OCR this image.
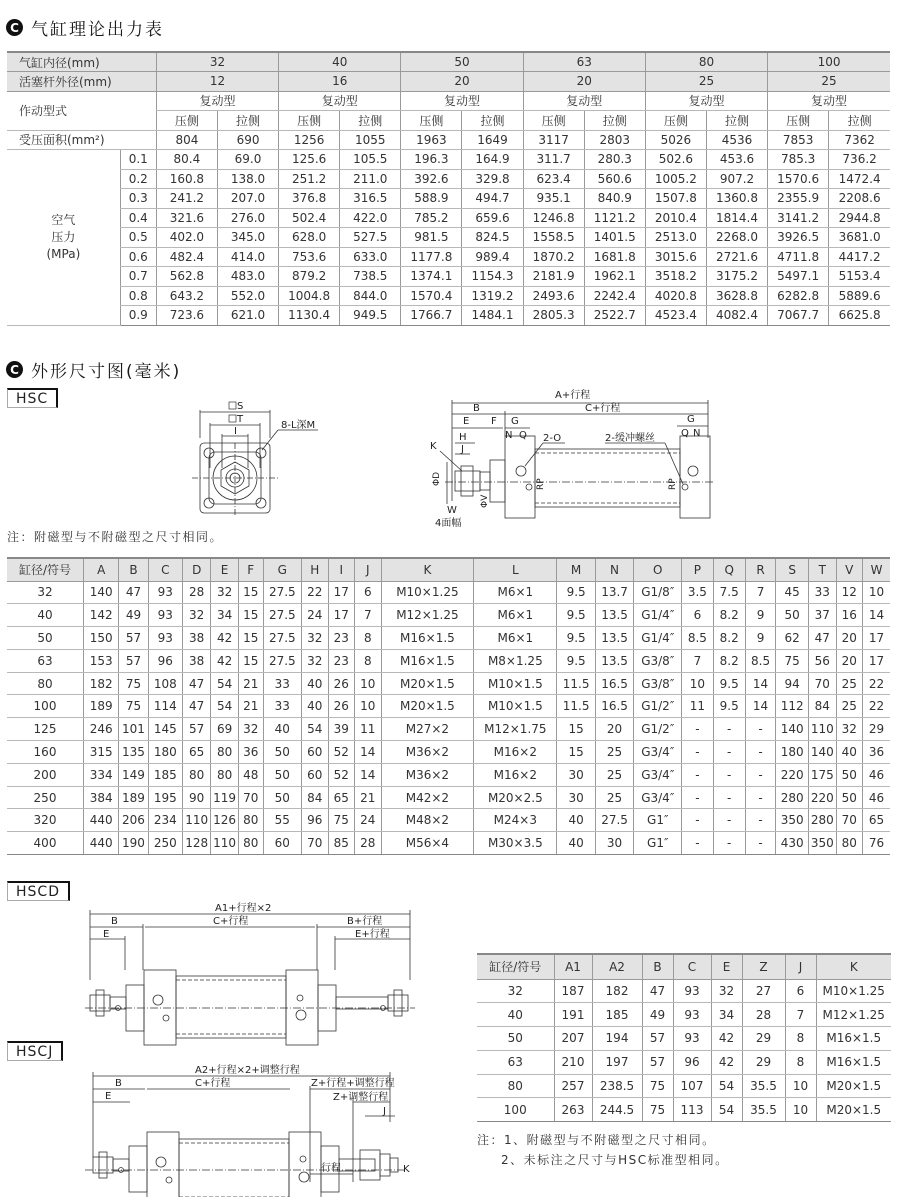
C 气缸理论出力表
气缸内径(mm)		32		40		50		63		80		100	
活塞杆外径(mm)		12		16		20		20		25		25	
作动型式		复动型		复动型		复动型		复动型		复动型		复动型	
		压侧	拉侧	压侧	拉侧	压侧	拉侧	压侧	拉侧	压侧	拉侧	压侧	拉侧
受压面积(mm²)		804	690	1256	1055	1963	1649	3117	2803	5026	4536	7853	7362

空气
压力
(MPa)	0.1	80.4	69.0	125.6	105.5	196.3	164.9	311.7	280.3	502.6	453.6	785.3	736.2
	0.2	160.8	138.0	251.2	211.0	392.6	329.8	623.4	560.6	1005.2	907.2	1570.6	1472.4
	0.3	241.2	207.0	376.8	316.5	588.9	494.7	935.1	840.9	1507.8	1360.8	2355.9	2208.6
	0.4	321.6	276.0	502.4	422.0	785.2	659.6	1246.8	1121.2	2010.4	1814.4	3141.2	2944.8
	0.5	402.0	345.0	628.0	527.5	981.5	824.5	1558.5	1401.5	2513.0	2268.0	3926.5	3681.0
	0.6	482.4	414.0	753.6	633.0	1177.8	989.4	1870.2	1681.8	3015.6	2721.6	4711.8	4417.2
	0.7	562.8	483.0	879.2	738.5	1374.1	1154.3	2181.9	1962.1	3518.2	3175.2	5497.1	5153.4
	0.8	643.2	552.0	1004.8	844.0	1570.4	1319.2	2493.6	2242.4	4020.8	3628.8	6282.8	5889.6
	0.9	723.6	621.0	1130.4	949.5	1766.7	1484.1	2805.3	2522.7	4523.4	4082.4	7067.7	6625.8
C 外形尺寸图(毫米)
HSC	S
T
I
8-L深M
A+行程
B	C+行程
E F G	G
H
J
N Q	Q N
2-O	2-缓冲螺丝
K
ΦD
ΦV
W
4面幅
RP	RP
注：附磁型与不附磁型之尺寸相同。
缸径/符号	A	B	C	D	E	F	G	H	I	J	K	L	M	N	O	P	Q	R	S	T	V	W
32	140	47	93	28	32	15	27.5	22	17	6	M10×1.25	M6×1	9.5	13.7	G1/8″	3.5	7.5	7	45	33	12	10
40	142	49	93	32	34	15	27.5	24	17	7	M12×1.25	M6×1	9.5	13.5	G1/4″	6	8.2	9	50	37	16	14
50	150	57	93	38	42	15	27.5	32	23	8	M16×1.5	M6×1	9.5	13.5	G1/4″	8.5	8.2	9	62	47	20	17
63	153	57	96	38	42	15	27.5	32	23	8	M16×1.5	M8×1.25	9.5	13.5	G3/8″	7	8.2	8.5	75	56	20	17
80	182	75	108	47	54	21	33	40	26	10	M20×1.5	M10×1.5	11.5	16.5	G3/8″	10	9.5	14	94	70	25	22
100	189	75	114	47	54	21	33	40	26	10	M20×1.5	M10×1.5	11.5	16.5	G1/2″	11	9.5	14	112	84	25	22
125	246	101	145	57	69	32	40	54	39	11	M27×2	M12×1.75	15	20	G1/2″	-	-	-	140	110	32	29
160	315	135	180	65	80	36	50	60	52	14	M36×2	M16×2	15	25	G3/4″	-	-	-	180	140	40	36
200	334	149	185	80	80	48	50	60	52	14	M36×2	M16×2	30	25	G3/4″	-	-	-	220	175	50	46
250	384	189	195	90	119	70	50	84	65	21	M42×2	M20×2.5	30	25	G3/4″	-	-	-	280	220	50	46
320	440	206	234	110	126	80	55	96	75	24	M48×2	M24×3	40	27.5	G1″	-	-	-	350	280	70	65
400	440	190	250	128	110	80	60	70	85	28	M56×4	M30×3.5	40	30	G1″	-	-	-	430	350	80	76
HSCD
A1+行程×2
B	C+行程	B+行程
E	E+行程
HSCJ
A2+行程×2+调整行程
B	C+行程	Z+行程+调整行程
E	Z+调整行程
J
K
行程
缸径/符号	A1	A2	B	C	E	Z	J	K
32	187	182	47	93	32	27	6	M10×1.25
40	191	185	49	93	34	28	7	M12×1.25
50	207	194	57	93	42	29	8	M16×1.5
63	210	197	57	96	42	29	8	M16×1.5
80	257	238.5	75	107	54	35.5	10	M20×1.5
100	263	244.5	75	113	54	35.5	10	M20×1.5
注：1、附磁型与不附磁型之尺寸相同。
2、未标注之尺寸与HSC标准型相同。
